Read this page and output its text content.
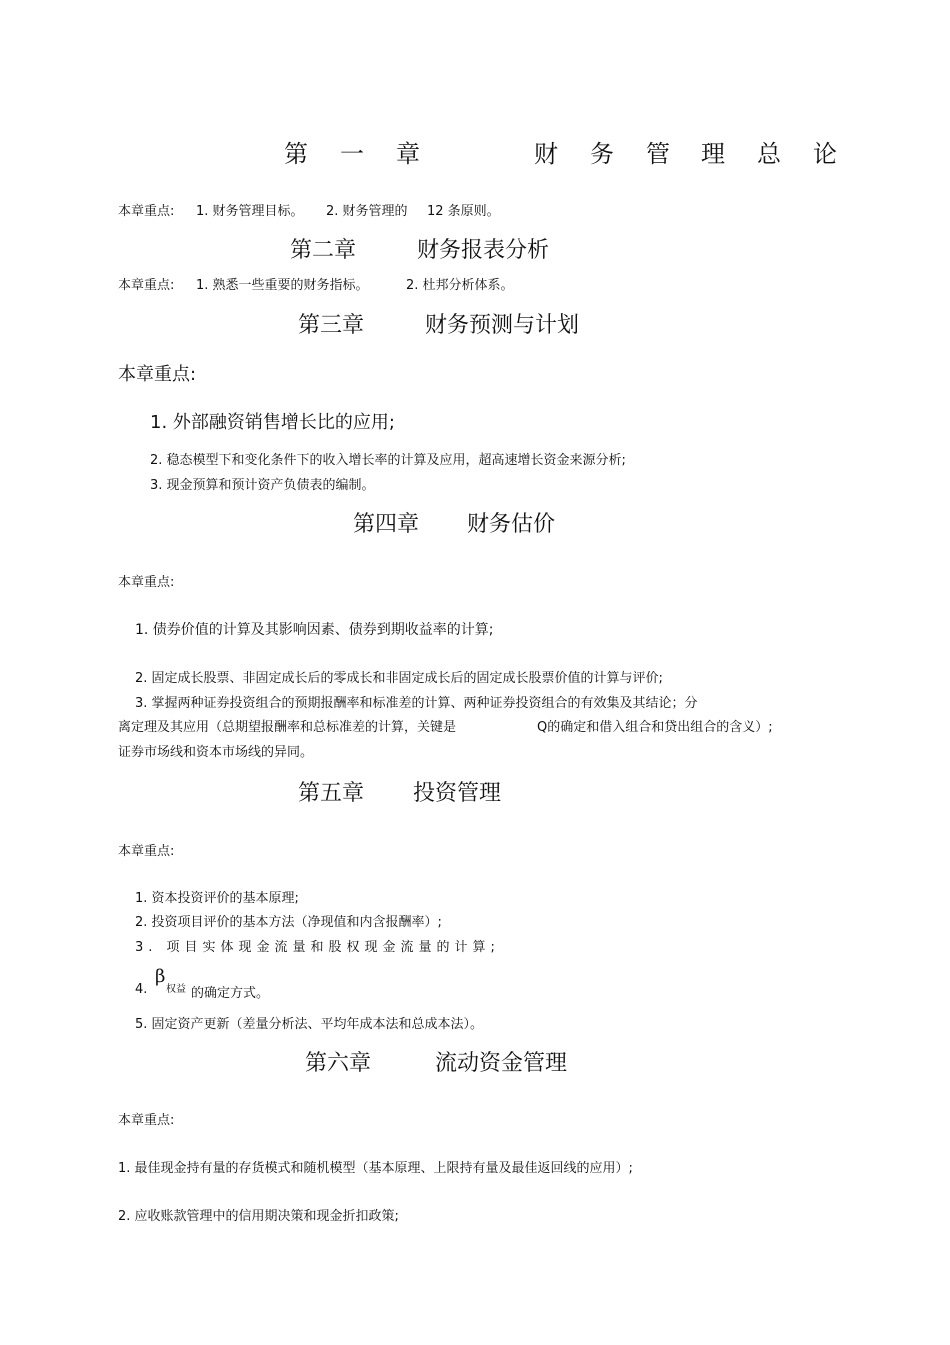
第 一 章	财 务 管 理 总 论
本章重点: 1. 财务管理目标。 2. 财务管理的 12 条原则。
第二章	财务报表分析
本章重点: 1. 熟悉一些重要的财务指标。	2. 杜邦分析体系。
第三章	财务预测与计划
本章重点:
1. 外部融资销售增长比的应用;
2. 稳态模型下和变化条件下的收入增长率的计算及应用，超高速增长资金来源分析;
3. 现金预算和预计资产负债表的编制。
第四章 财务估价
本章重点:
1. 债券价值的计算及其影响因素、债券到期收益率的计算;
2. 固定成长股票、非固定成长后的零成长和非固定成长后的固定成长股票价值的计算与评价;
3. 掌握两种证券投资组合的预期报酬率和标准差的计算、两种证券投资组合的有效集及其结论；分
离定理及其应用（总期望报酬率和总标准差的计算，关键是	Q的确定和借入组合和贷出组合的含义）;
证券市场线和资本市场线的异同。
第五章 投资管理
本章重点:
1. 资本投资评价的基本原理;
2. 投资项目评价的基本方法（净现值和内含报酬率）;
3. 项目实体现金流量和股权现金流量的计算;
4.
β
权益 的确定方式。
5. 固定资产更新（差量分析法、平均年成本法和总成本法）。
第六章	流动资金管理
本章重点:
1. 最佳现金持有量的存货模式和随机模型（基本原理、上限持有量及最佳返回线的应用）;
2. 应收账款管理中的信用期决策和现金折扣政策;
